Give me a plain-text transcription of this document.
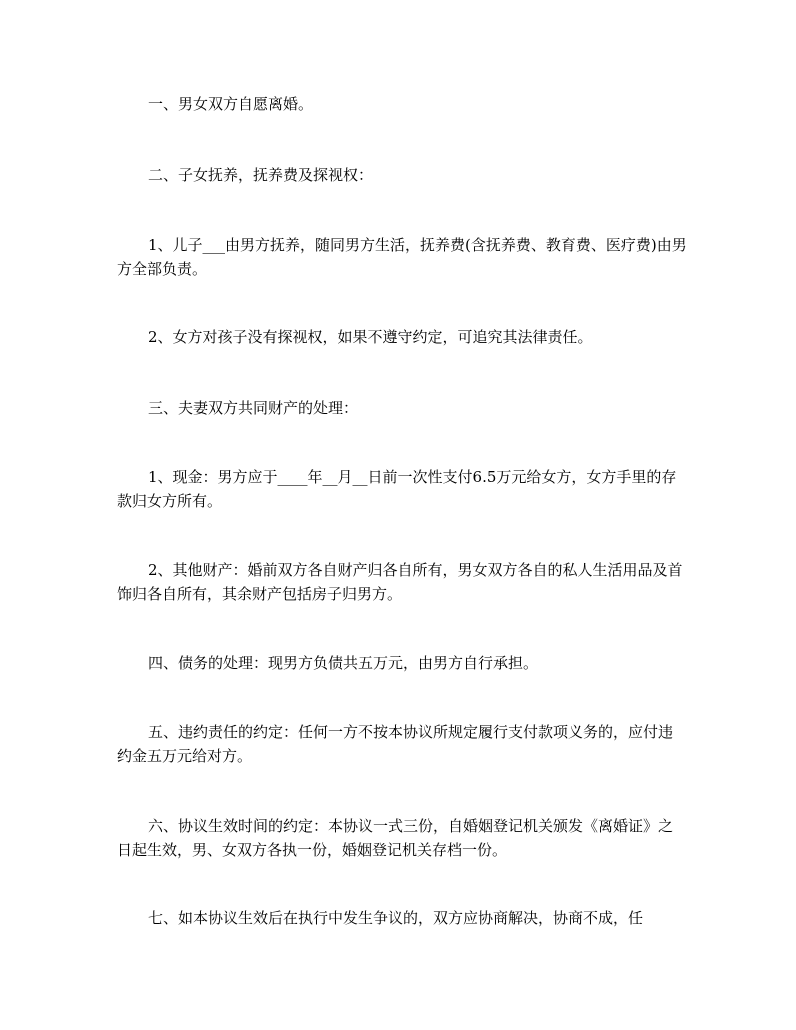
一、男女双方自愿离婚。

二、子女抚养，抚养费及探视权：

1、儿子___由男方抚养，随同男方生活，抚养费(含抚养费、教育费、医疗费)由男方全部负责。

2、女方对孩子没有探视权，如果不遵守约定，可追究其法律责任。

三、夫妻双方共同财产的处理：

1、现金：男方应于____年__月__日前一次性支付6.5万元给女方，女方手里的存款归女方所有。

2、其他财产：婚前双方各自财产归各自所有，男女双方各自的私人生活用品及首饰归各自所有，其余财产包括房子归男方。

四、债务的处理：现男方负债共五万元，由男方自行承担。

五、违约责任的约定：任何一方不按本协议所规定履行支付款项义务的，应付违约金五万元给对方。

六、协议生效时间的约定：本协议一式三份，自婚姻登记机关颁发《离婚证》之日起生效，男、女双方各执一份，婚姻登记机关存档一份。

七、如本协议生效后在执行中发生争议的，双方应协商解决，协商不成，任
